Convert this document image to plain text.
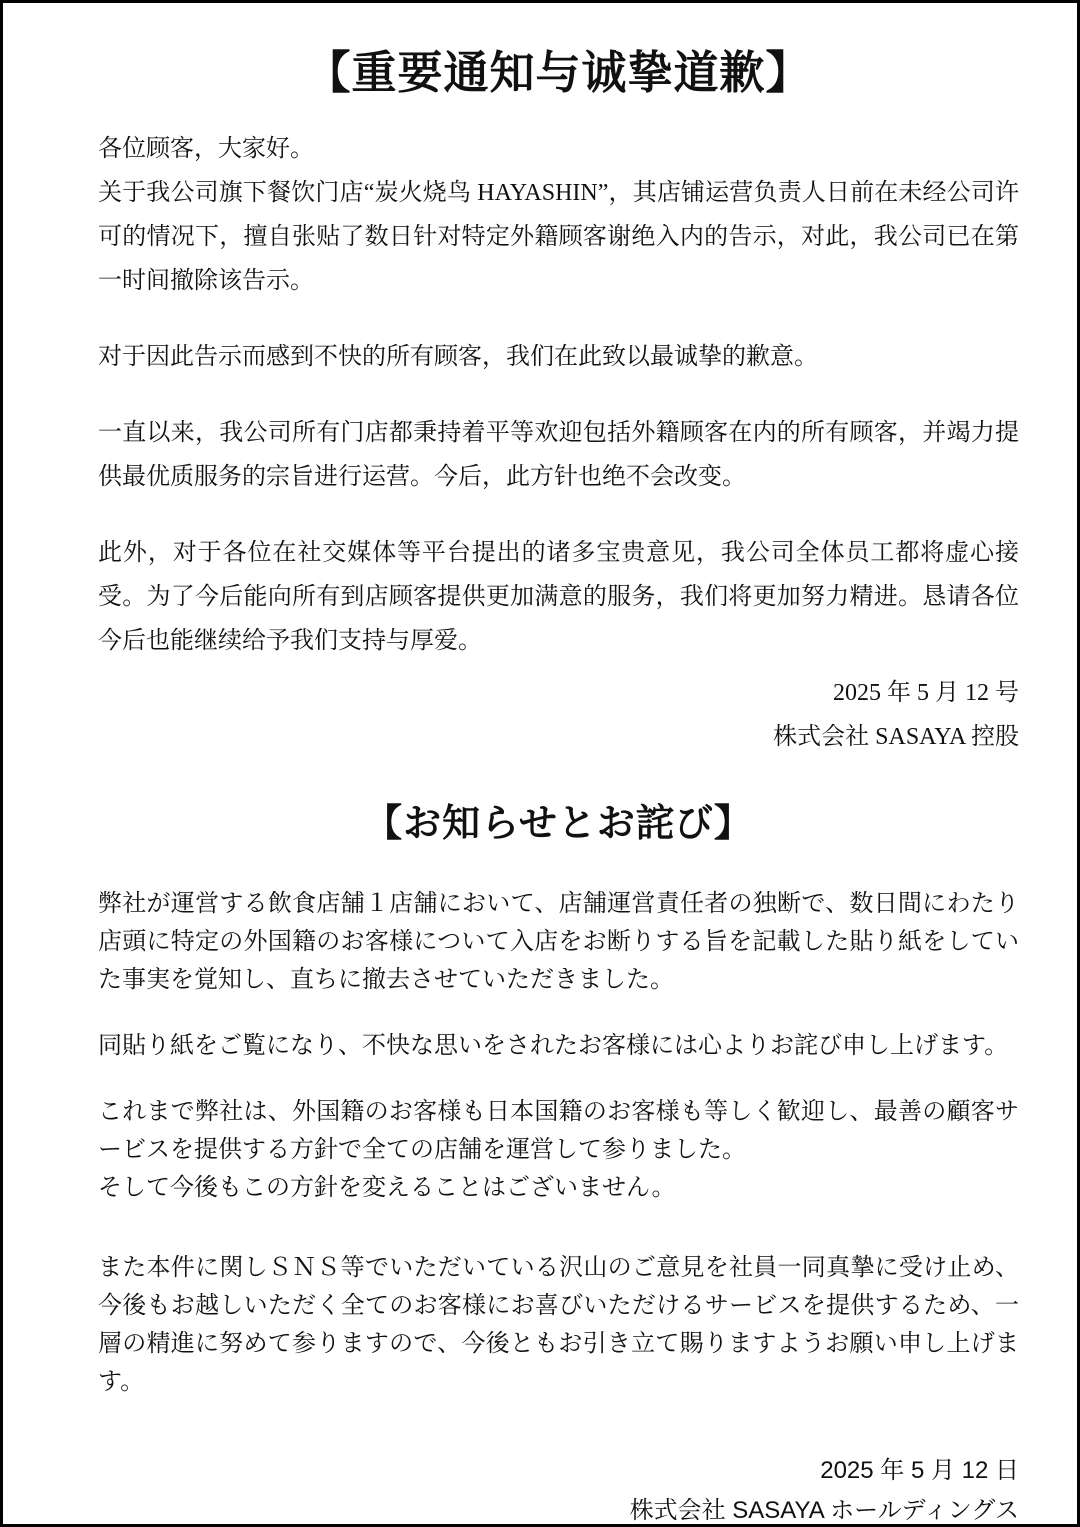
【重要通知与诚挚道歉】

各位顾客，大家好。

关于我公司旗下餐饮门店“炭火烧鸟 HAYASHIN”，其店铺运营负责人日前在未经公司许可的情况下，擅自张贴了数日针对特定外籍顾客谢绝入内的告示，对此，我公司已在第一时间撤除该告示。

对于因此告示而感到不快的所有顾客，我们在此致以最诚挚的歉意。

一直以来，我公司所有门店都秉持着平等欢迎包括外籍顾客在内的所有顾客，并竭力提供最优质服务的宗旨进行运营。今后，此方针也绝不会改变。

此外，对于各位在社交媒体等平台提出的诸多宝贵意见，我公司全体员工都将虚心接受。为了今后能向所有到店顾客提供更加满意的服务，我们将更加努力精进。恳请各位今后也能继续给予我们支持与厚爱。

2025 年 5 月 12 号
株式会社 SASAYA 控股
【お知らせとお詫び】

弊社が運営する飲食店舗１店舗において、店舗運営責任者の独断で、数日間にわたり店頭に特定の外国籍のお客様について入店をお断りする旨を記載した貼り紙をしていた事実を覚知し、直ちに撤去させていただきました。

同貼り紙をご覧になり、不快な思いをされたお客様には心よりお詫び申し上げます。

これまで弊社は、外国籍のお客様も日本国籍のお客様も等しく歓迎し、最善の顧客サービスを提供する方針で全ての店舗を運営して参りました。

そして今後もこの方針を変えることはございません。

また本件に関しＳＮＳ等でいただいている沢山のご意見を社員一同真摯に受け止め、今後もお越しいただく全てのお客様にお喜びいただけるサービスを提供するため、一層の精進に努めて参りますので、今後ともお引き立て賜りますようお願い申し上げます。

2025 年 5 月 12 日
株式会社 SASAYA ホールディングス
